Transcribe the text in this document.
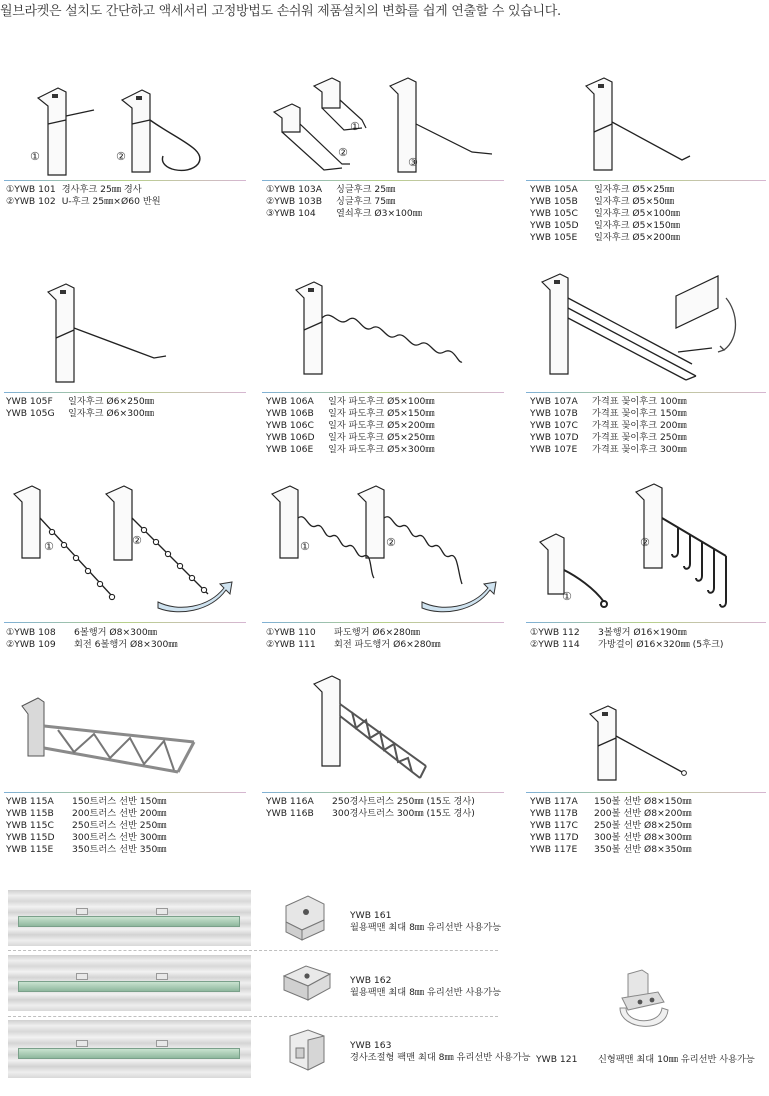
월브라켓은 설치도 간단하고 액세서리 고정방법도 손쉬워 제품설치의 변화를 쉽게 연출할 수 있습니다.
①	②
①YWB 101 경사후크 25㎜ 경사
②YWB 102 U-후크 25㎜×Ø60 반원
①
②
③
①YWB 103A 싱글후크 25㎜
②YWB 103B 싱글후크 75㎜
③YWB 104 열쇠후크 Ø3×100㎜
YWB 105A 일자후크 Ø5×25㎜
YWB 105B 일자후크 Ø5×50㎜
YWB 105C 일자후크 Ø5×100㎜
YWB 105D 일자후크 Ø5×150㎜
YWB 105E 일자후크 Ø5×200㎜
YWB 105F 일자후크 Ø6×250㎜
YWB 105G 일자후크 Ø6×300㎜
YWB 106A 일자 파도후크 Ø5×100㎜
YWB 106B 일자 파도후크 Ø5×150㎜
YWB 106C 일자 파도후크 Ø5×200㎜
YWB 106D 일자 파도후크 Ø5×250㎜
YWB 106E 일자 파도후크 Ø5×300㎜
YWB 107A 가격표 꽂이후크 100㎜
YWB 107B 가격표 꽂이후크 150㎜
YWB 107C 가격표 꽂이후크 200㎜
YWB 107D 가격표 꽂이후크 250㎜
YWB 107E 가격표 꽂이후크 300㎜
①	②
①YWB 108 6볼행거 Ø8×300㎜
②YWB 109 회전 6볼행거 Ø8×300㎜
①	②
①YWB 110 파도행거 Ø6×280㎜
②YWB 111 회전 파도행거 Ø6×280㎜
①
②
①YWB 112 3볼행거 Ø16×190㎜
②YWB 114 가방걸이 Ø16×320㎜ (5후크)
YWB 115A 150트러스 선반 150㎜
YWB 115B 200트러스 선반 200㎜
YWB 115C 250트러스 선반 250㎜
YWB 115D 300트러스 선반 300㎜
YWB 115E 350트러스 선반 350㎜
YWB 116A 250경사트러스 250㎜ (15도 경사)
YWB 116B 300경사트러스 300㎜ (15도 경사)
YWB 117A 150볼 선반 Ø8×150㎜
YWB 117B 200볼 선반 Ø8×200㎜
YWB 117C 250볼 선반 Ø8×250㎜
YWB 117D 300볼 선반 Ø8×300㎜
YWB 117E 350볼 선반 Ø8×350㎜
YWB 161
월용팩맨 최대 8㎜ 유리선반 사용가능
YWB 162
월용팩맨 최대 8㎜ 유리선반 사용가능
YWB 163
경사조절형 팩맨 최대 8㎜ 유리선반 사용가능 YWB 121 신형팩맨 최대 10㎜ 유리선반 사용가능
